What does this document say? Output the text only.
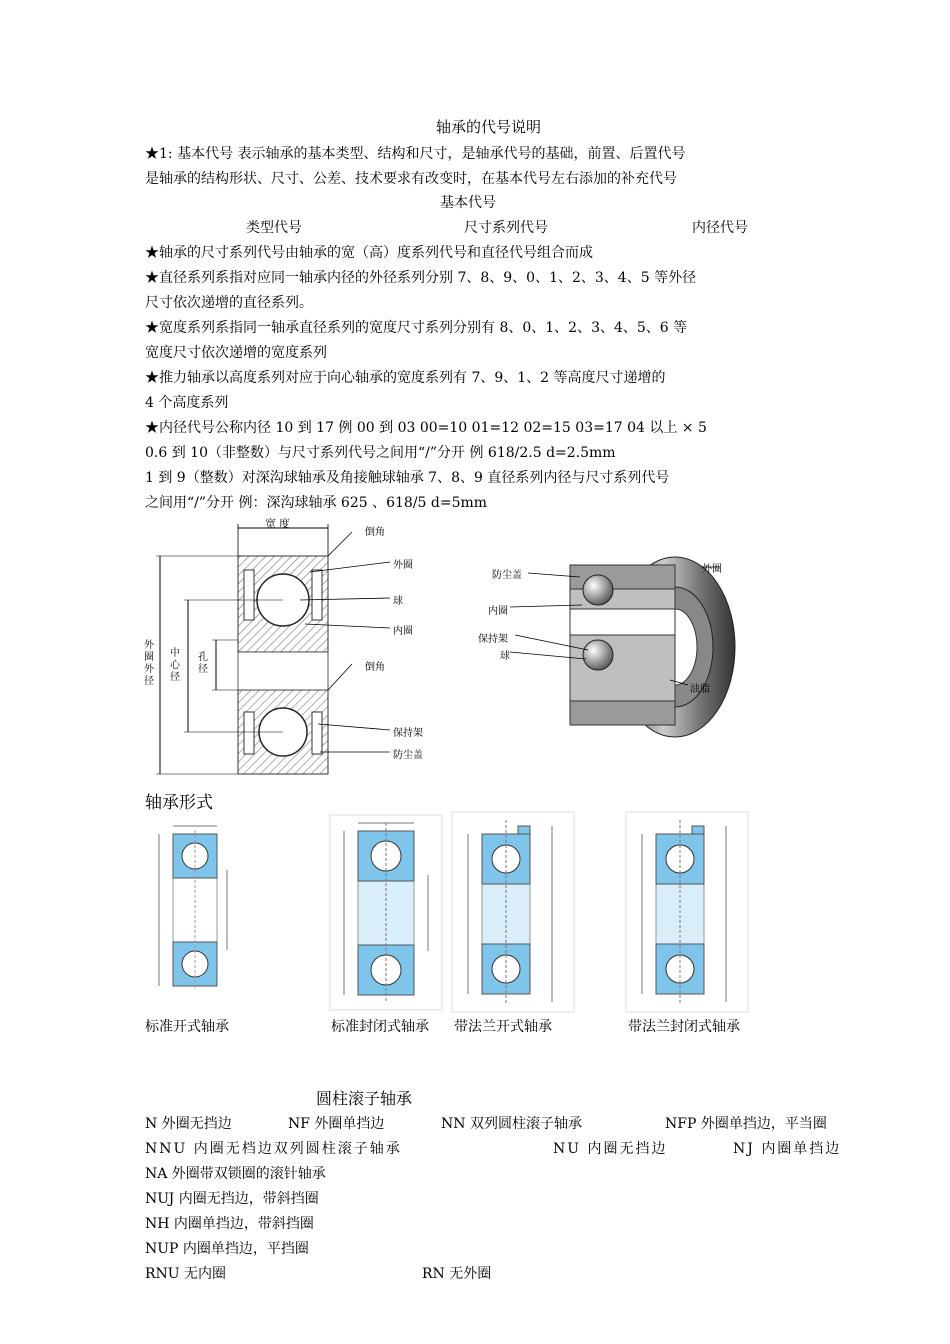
轴承的代号说明
★1: 基本代号 表示轴承的基本类型、结构和尺寸，是轴承代号的基础，前置、后置代号
是轴承的结构形状、尺寸、公差、技术要求有改变时，在基本代号左右添加的补充代号
基本代号
类型代号	尺寸系列代号	内径代号
★轴承的尺寸系列代号由轴承的宽（高）度系列代号和直径代号组合而成
★直径系列系指对应同一轴承内径的外径系列分别 7、8、9、0、1、2、3、4、5 等外径
尺寸依次递增的直径系列。
★宽度系列系指同一轴承直径系列的宽度尺寸系列分别有 8、0、1、2、3、4、5、6 等
宽度尺寸依次递增的宽度系列
★推力轴承以高度系列对应于向心轴承的宽度系列有 7、9、1、2 等高度尺寸递增的
4 个高度系列
★内径代号公称内径 10 到 17 例 00 到 03 00=10 01=12 02=15 03=17 04 以上 × 5
0.6 到 10（非整数）与尺寸系列代号之间用“/”分开 例 618/2.5 d=2.5mm
1 到 9（整数）对深沟球轴承及角接触球轴承 7、8、9 直径系列内径与尺寸系列代号
之间用“/”分开 例：深沟球轴承 625 、618/5 d=5mm
宽度
倒角
外圈
球
内圈
倒角
保持架
防尘盖
外圈外径
中心径
孔径
防尘盖
外圈
内圈
保持架
球
油脂
轴承形式
标准开式轴承	标准封闭式轴承 带法兰开式轴承	带法兰封闭式轴承
圆柱滚子轴承
N 外圈无挡边	NF 外圈单挡边	NN 双列圆柱滚子轴承	NFP 外圈单挡边，平当圈
NNU 内圈无档边双列圆柱滚子轴承	NU 内圈无挡边	NJ 内圈单挡边
NA 外圈带双锁圈的滚针轴承
NUJ 内圈无挡边，带斜挡圈
NH 内圈单挡边，带斜挡圈
NUP 内圈单挡边，平挡圈
RNU 无内圈	RN 无外圈
